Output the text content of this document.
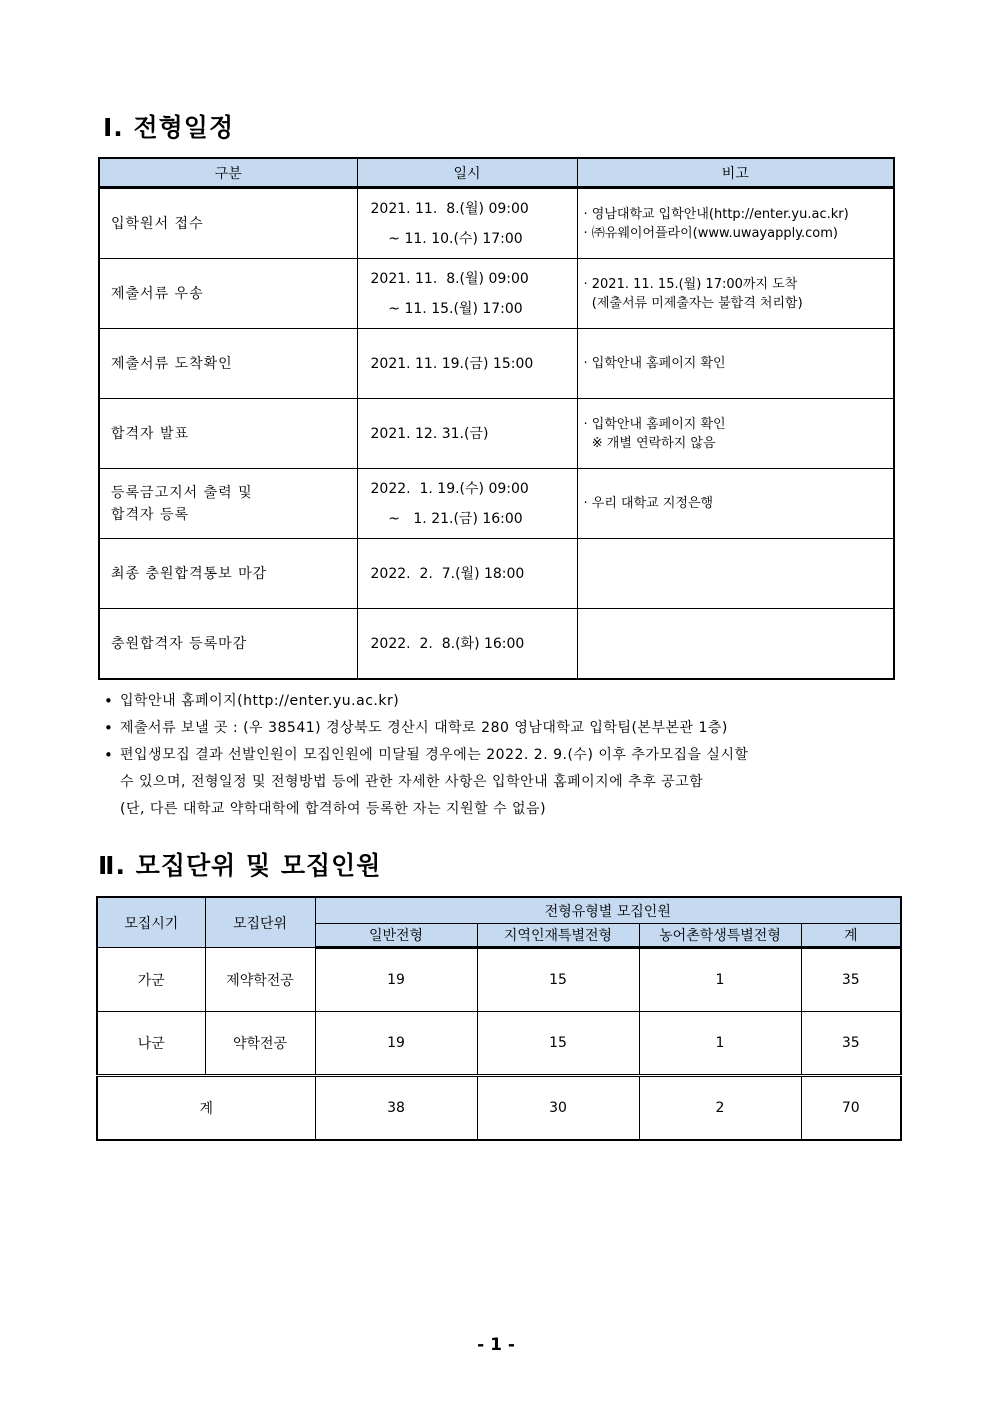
Ⅰ. 전형일정
구분	일시	비고
입학원서 접수	2021. 11.  8.(월) 09:00
~ 11. 10.(수) 17:00	· 영남대학교 입학안내(http://enter.yu.ac.kr)
· ㈜유웨이어플라이(www.uwayapply.com)

제출서류 우송	2021. 11.  8.(월) 09:00
~ 11. 15.(월) 17:00	· 2021. 11. 15.(월) 17:00까지 도착
(제출서류 미제출자는 불합격 처리함)

제출서류 도착확인	2021. 11. 19.(금) 15:00	· 입학안내 홈페이지 확인

합격자 발표	2021. 12. 31.(금)	· 입학안내 홈페이지 확인
※ 개별 연락하지 않음

등록금고지서 출력 및
합격자 등록	2022.  1. 19.(수) 09:00
~   1. 21.(금) 16:00	· 우리 대학교 지정은행

최종 충원합격통보 마감	2022.  2.  7.(월) 18:00	

충원합격자 등록마감	2022.  2.  8.(화) 16:00	

• 입학안내 홈페이지(http://enter.yu.ac.kr)
• 제출서류 보낼 곳 : (우 38541) 경상북도 경산시 대학로 280 영남대학교 입학팀(본부본관 1층)
• 편입생모집 결과 선발인원이 모집인원에 미달될 경우에는 2022. 2. 9.(수) 이후 추가모집을 실시할
수 있으며, 전형일정 및 전형방법 등에 관한 자세한 사항은 입학안내 홈페이지에 추후 공고함
(단, 다른 대학교 약학대학에 합격하여 등록한 자는 지원할 수 없음)
Ⅱ. 모집단위 및 모집인원
모집시기	모집단위	전형유형별 모집인원			
		일반전형	지역인재특별전형	농어촌학생특별전형	계
가군	제약학전공	19	15	1	35
나군	약학전공	19	15	1	35
계		38	30	2	70
- 1 -
